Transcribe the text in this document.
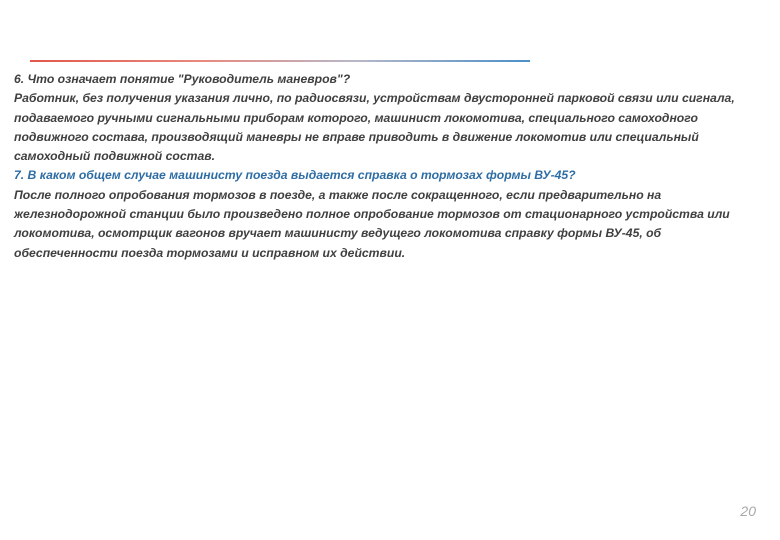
6. Что означает понятие "Руководитель маневров"?

Работник, без получения указания лично, по радиосвязи, устройствам двусторонней парковой связи или сигнала, подаваемого ручными сигнальными приборам которого, машинист локомотива, специального самоходного подвижного состава, производящий маневры не вправе приводить в движение локомотив или специальный самоходный подвижной состав.

7. В каком общем случае машинисту поезда выдается справка о тормозах формы ВУ-45?

После полного опробования тормозов в поезде, а также после сокращенного, если предварительно на железнодорожной станции было произведено полное опробование тормозов от стационарного устройства или локомотива, осмотрщик вагонов вручает машинисту ведущего локомотива справку формы ВУ-45, об обеспеченности поезда тормозами и исправном их действии.

20
